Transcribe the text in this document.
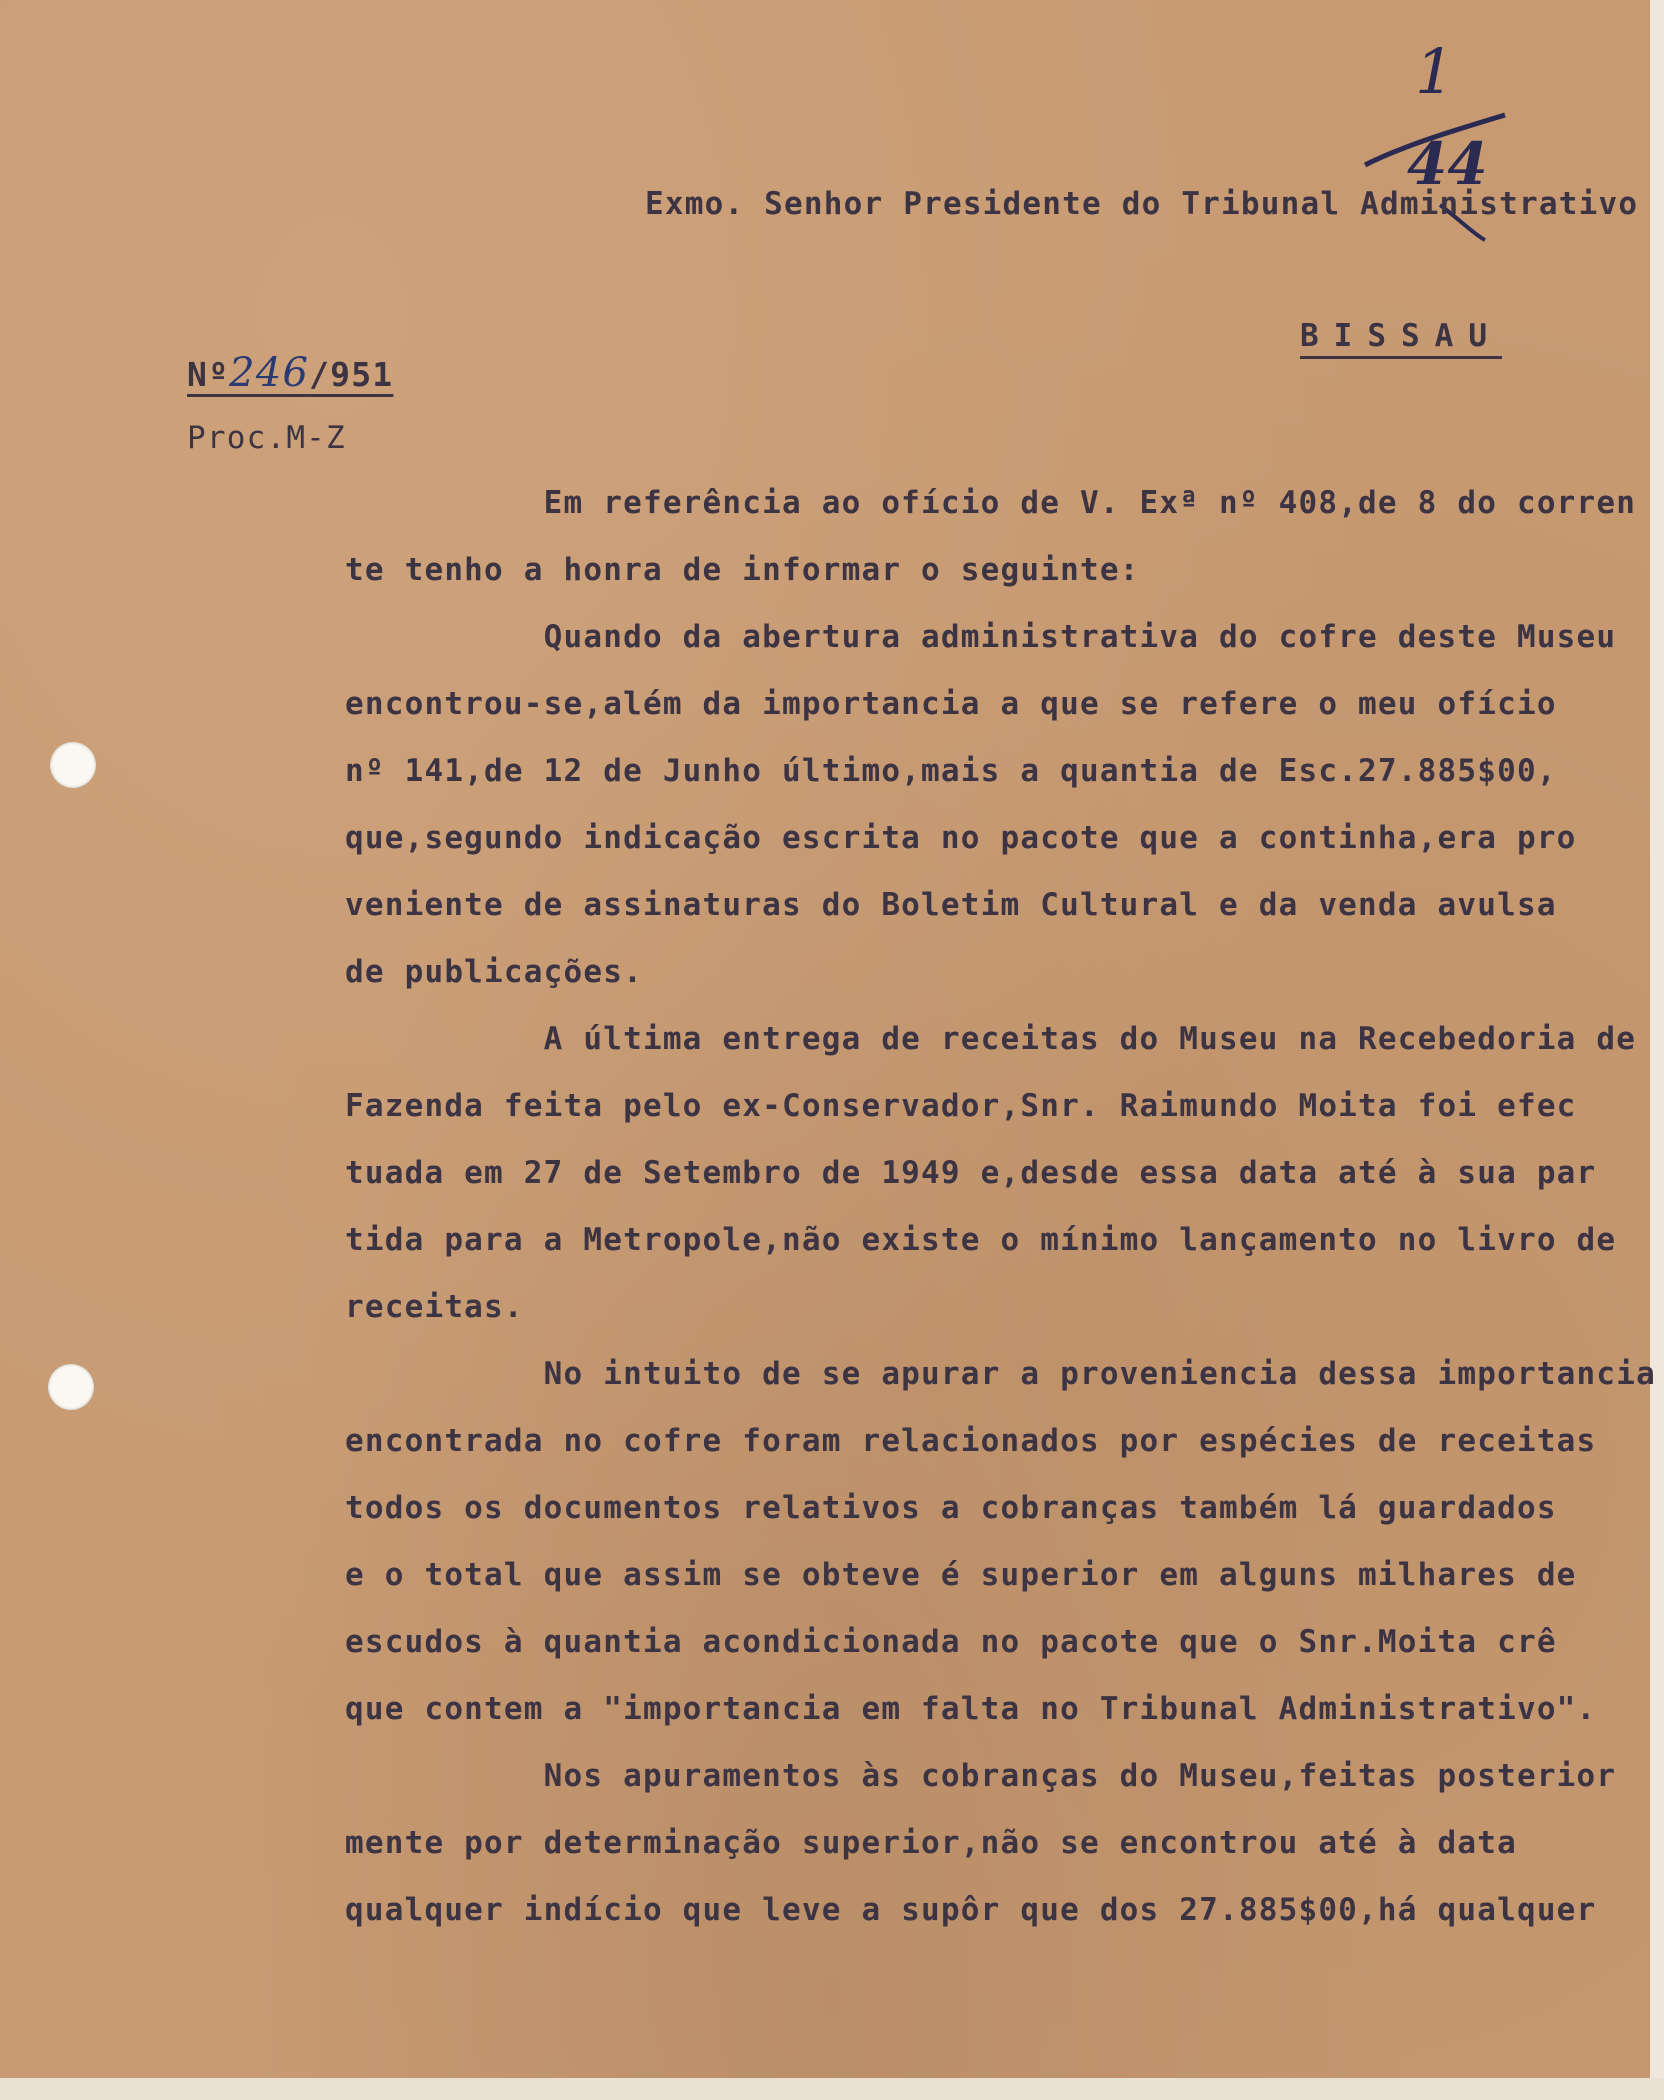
1
44
Exmo. Senhor Presidente do Tribunal Administrativo
BISSAU
Nº246/951
Proc.M-Z
Em referência ao ofício de V. Exª nº 408,de 8 do corren
te tenho a honra de informar o seguinte:
Quando da abertura administrativa do cofre deste Museu
encontrou-se,além da importancia a que se refere o meu ofício
nº 141,de 12 de Junho último,mais a quantia de Esc.27.885$00,
que,segundo indicação escrita no pacote que a continha,era pro
veniente de assinaturas do Boletim Cultural e da venda avulsa
de publicações.
A última entrega de receitas do Museu na Recebedoria de
Fazenda feita pelo ex-Conservador,Snr. Raimundo Moita foi efec
tuada em 27 de Setembro de 1949 e,desde essa data até à sua par
tida para a Metropole,não existe o mínimo lançamento no livro de
receitas.
No intuito de se apurar a proveniencia dessa importancia
encontrada no cofre foram relacionados por espécies de receitas
todos os documentos relativos a cobranças também lá guardados
e o total que assim se obteve é superior em alguns milhares de
escudos à quantia acondicionada no pacote que o Snr.Moita crê
que contem a "importancia em falta no Tribunal Administrativo".
Nos apuramentos às cobranças do Museu,feitas posterior
mente por determinação superior,não se encontrou até à data
qualquer indício que leve a supôr que dos 27.885$00,há qualquer
